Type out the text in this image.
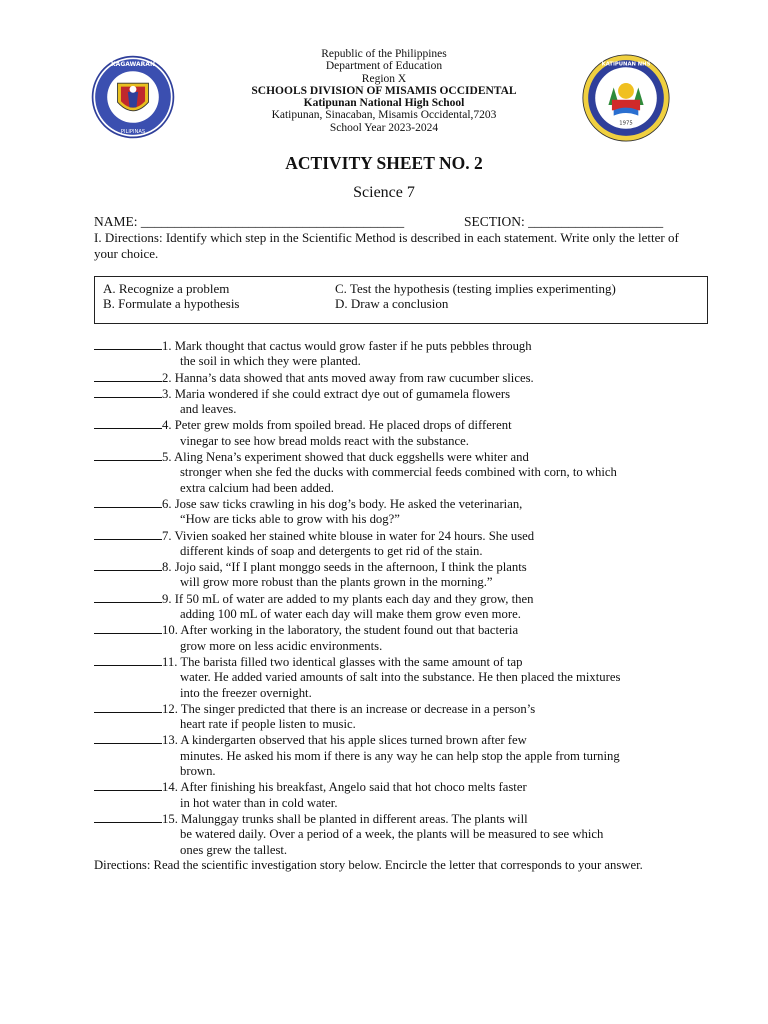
KAGAWARAN
PILIPINAS
1975
KATIPUNAN NHS
Republic of the Philippines
Department of Education
Region X
SCHOOLS DIVISION OF MISAMIS OCCIDENTAL
Katipunan National High School
Katipunan, Sinacaban, Misamis Occidental,7203
School Year 2023-2024
ACTIVITY SHEET NO. 2
Science 7
NAME: _______________________________________	SECTION: ____________________
I. Directions: Identify which step in the Scientific Method is described in each statement. Write only the letter of your choice.
A. Recognize a problem
B. Formulate a hypothesis
C. Test the hypothesis (testing implies experimenting)
D. Draw a conclusion
1. Mark thought that cactus would grow faster if he puts pebbles through
the soil in which they were planted.
2. Hanna’s data showed that ants moved away from raw cucumber slices.
3. Maria wondered if she could extract dye out of gumamela flowers
and leaves.
4. Peter grew molds from spoiled bread. He placed drops of different
vinegar to see how bread molds react with the substance.
5. Aling Nena’s experiment showed that duck eggshells were whiter and
stronger when she fed the ducks with commercial feeds combined with corn, to which
extra calcium had been added.
6. Jose saw ticks crawling in his dog’s body. He asked the veterinarian,
“How are ticks able to grow with his dog?”
7. Vivien soaked her stained white blouse in water for 24 hours. She used
different kinds of soap and detergents to get rid of the stain.
8. Jojo said, “If I plant monggo seeds in the afternoon, I think the plants
will grow more robust than the plants grown in the morning.”
9. If 50 mL of water are added to my plants each day and they grow, then
adding 100 mL of water each day will make them grow even more.
10. After working in the laboratory, the student found out that bacteria
grow more on less acidic environments.
11. The barista filled two identical glasses with the same amount of tap
water. He added varied amounts of salt into the substance. He then placed the mixtures
into the freezer overnight.
12. The singer predicted that there is an increase or decrease in a person’s
heart rate if people listen to music.
13. A kindergarten observed that his apple slices turned brown after few
minutes. He asked his mom if there is any way he can help stop the apple from turning
brown.
14. After finishing his breakfast, Angelo said that hot choco melts faster
in hot water than in cold water.
15. Malunggay trunks shall be planted in different areas. The plants will
be watered daily. Over a period of a week, the plants will be measured to see which
ones grew the tallest.
Directions: Read the scientific investigation story below. Encircle the letter that corresponds to your answer.
